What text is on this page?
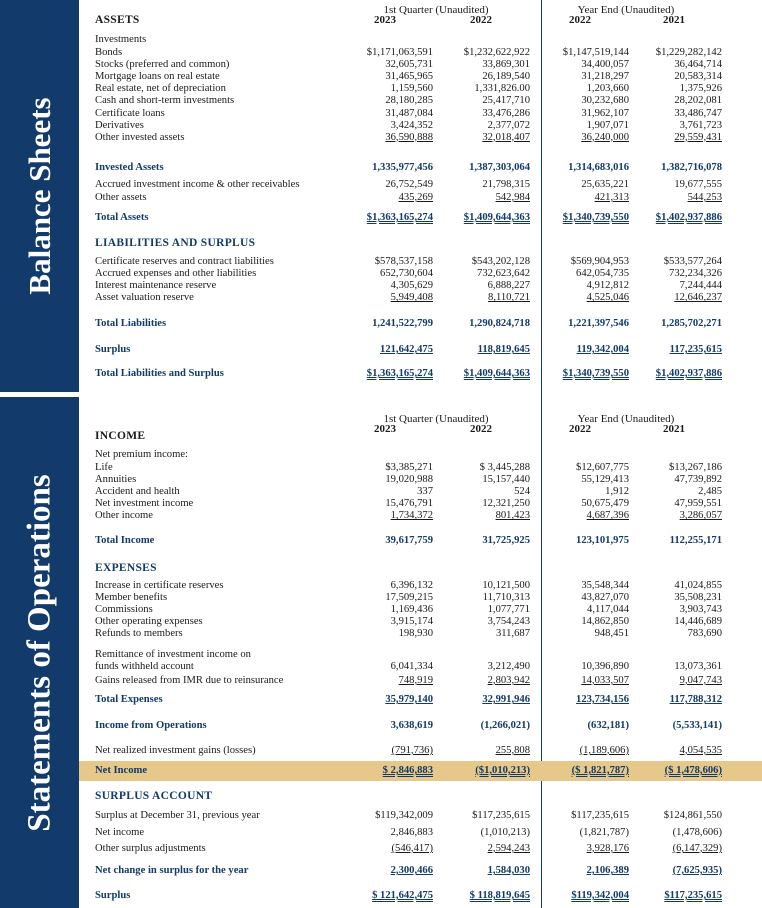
Balance Sheets
Statements of Operations
1st Quarter (Unaudited)	Year End (Unaudited)
2023	2022	2022	2021
ASSETS
Investments
Bonds	$1,171,063,591	$1,232,622,922	$1,147,519,144	$1,229,282,142
Stocks (preferred and common)	32,605,731	33,869,301	34,400,057	36,464,714
Mortgage loans on real estate	31,465,965	26,189,540	31,218,297	20,583,314
Real estate, net of depreciation	1,159,560	1,331,826.00	1,203,660	1,375,926
Cash and short-term investments	28,180,285	25,417,710	30,232,680	28,202,081
Certificate loans	31,487,084	33,476,286	31,962,107	33,486,747
Derivatives	3,424,352	2,377,072	1,907,071	3,761,723
Other invested assets	36,590,888	32,018,407	36,240,000	29,559,431
Invested Assets	1,335,977,456	1,387,303,064	1,314,683,016	1,382,716,078
Accrued investment income & other receivables	26,752,549	21,798,315	25,635,221	19,677,555
Other assets	435,269	542,984	421,313	544,253
Total Assets	$1,363,165,274	$1,409,644,363	$1,340,739,550	$1,402,937,886
LIABILITIES AND SURPLUS
Certificate reserves and contract liabilities	$578,537,158	$543,202,128	$569,904,953	$533,577,264
Accrued expenses and other liabilities	652,730,604	732,623,642	642,054,735	732,234,326
Interest maintenance reserve	4,305,629	6,888,227	4,912,812	7,244,444
Asset valuation reserve	5,949,408	8,110,721	4,525,046	12,646,237
Total Liabilities	1,241,522,799	1,290,824,718	1,221,397,546	1,285,702,271
Surplus	121,642,475	118,819,645	119,342,004	117,235,615
Total Liabilities and Surplus	$1,363,165,274	$1,409,644,363	$1,340,739,550	$1,402,937,886
1st Quarter (Unaudited)	Year End (Unaudited)
2023	2022	2022	2021
INCOME
Net premium income:
Life	$3,385,271	$ 3,445,288	$12,607,775	$13,267,186
Annuities	19,020,988	15,157,440	55,129,413	47,739,892
Accident and health	337	524	1,912	2,485
Net investment income	15,476,791	12,321,250	50,675,479	47,959,551
Other income	1,734,372	801,423	4,687,396	3,286,057
Total Income	39,617,759	31,725,925	123,101,975	112,255,171
EXPENSES
Increase in certificate reserves	6,396,132	10,121,500	35,548,344	41,024,855
Member benefits	17,509,215	11,710,313	43,827,070	35,508,231
Commissions	1,169,436	1,077,771	4,117,044	3,903,743
Other operating expenses	3,915,174	3,754,243	14,862,850	14,446,689
Refunds to members	198,930	311,687	948,451	783,690
Remittance of investment income on
funds withheld account	6,041,334	3,212,490	10,396,890	13,073,361
Gains released from IMR due to reinsurance	748,919	2,803,942	14,033,507	9,047,743
Total Expenses	35,979,140	32,991,946	123,734,156	117,788,312
Income from Operations	3,638,619	(1,266,021)	(632,181)	(5,533,141)
Net realized investment gains (losses)	(791,736)	255,808	(1,189,606)	4,054,535
Net Income	$ 2,846,883	($1,010,213)	($ 1,821,787)	($ 1,478,606)
SURPLUS ACCOUNT
Surplus at December 31, previous year	$119,342,009	$117,235,615	$117,235,615	$124,861,550
Net income	2,846,883	(1,010,213)	(1,821,787)	(1,478,606)
Other surplus adjustments	(546,417)	2,594,243	3,928,176	(6,147,329)
Net change in surplus for the year	2,300,466	1,584,030	2,106,389	(7,625,935)
Surplus	$ 121,642,475	$ 118,819,645	$119,342,004	$117,235,615
